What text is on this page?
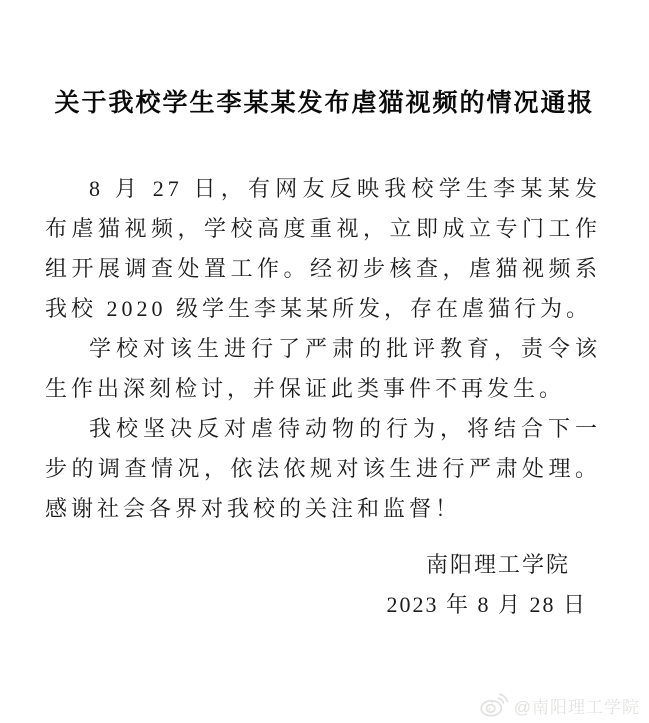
关于我校学生李某某发布虐猫视频的情况通报

8 月 27 日，有网友反映我校学生李某某发布虐猫视频，学校高度重视，立即成立专门工作组开展调查处置工作。经初步核查，虐猫视频系我校 2020 级学生李某某所发，存在虐猫行为。

学校对该生进行了严肃的批评教育，责令该生作出深刻检讨，并保证此类事件不再发生。

我校坚决反对虐待动物的行为，将结合下一步的调查情况，依法依规对该生进行严肃处理。感谢社会各界对我校的关注和监督！

南阳理工学院
2023 年 8 月 28 日
@南阳理工学院
